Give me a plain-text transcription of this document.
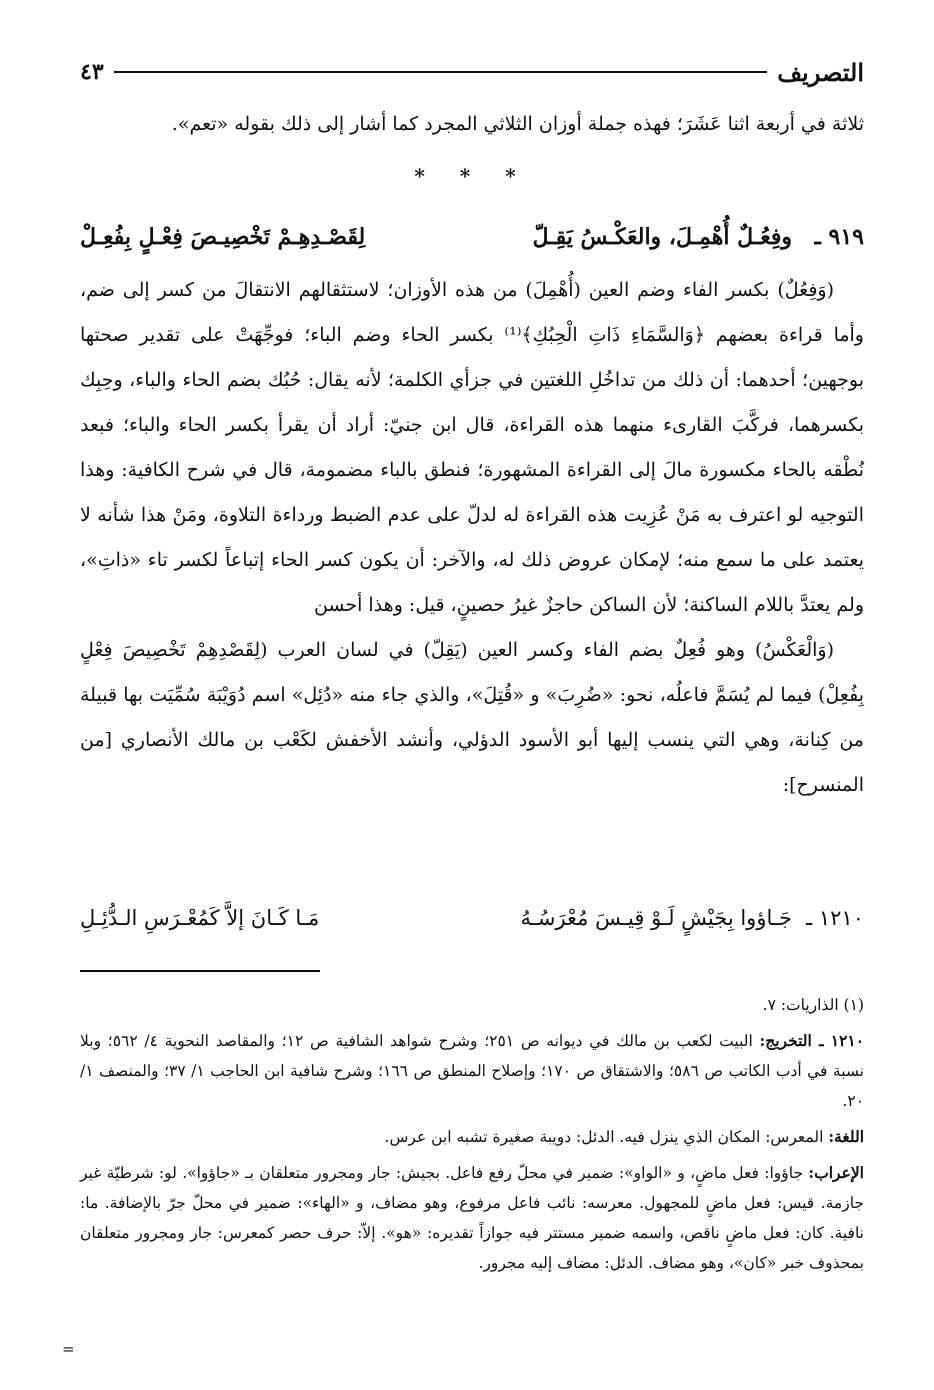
التصريف
٤٣
ثلاثة في أربعة اثنا عَشَرَ؛ فهذه جملة أوزان الثلاثي المجرد كما أشار إلى ذلك بقوله «تعم».
* * *
٩١٩ ـ
وفِعُـلٌ أُهْمِـلَ، والعَكْـسُ يَقِـلّ
لِقَصْـدِهِـمْ تَخْصِيـصَ فِعْـلٍ بِفُعِـلْ

(وَفِعُلٌ) بكسر الفاء وضم العين (أُهْمِلَ) من هذه الأوزان؛ لاستثقالهم الانتقالَ من كسر إلى ضم، وأما قراءة بعضهم ﴿وَالسَّمَاءِ ذَاتِ الْحِبُكِ﴾⁽¹⁾ بكسر الحاء وضم الباء؛ فوجِّهَتْ على تقدير صحتها بوجهين؛ أحدهما: أن ذلك من تداخُلِ اللغتين في جزأي الكلمة؛ لأنه يقال: حُبُك بضم الحاء والباء، وحِبِك بكسرهما، فركَّبَ القارىء منهما هذه القراءة، قال ابن جنيّ: أراد أن يقرأ بكسر الحاء والباء؛ فبعد نُطْقه بالحاء مكسورة مالَ إلى القراءة المشهورة؛ فنطق بالباء مضمومة، قال في شرح الكافية: وهذا التوجيه لو اعترف به مَنْ عُزِيت هذه القراءة له لدلّ على عدم الضبط ورداءة التلاوة، ومَنْ هذا شأنه لا يعتمد على ما سمع منه؛ لإمكان عروض ذلك له، والآخر: أن يكون كسر الحاء إتباعاً لكسر تاء «ذاتِ»، ولم يعتدَّ باللام الساكنة؛ لأن الساكن حاجزٌ غيرُ حصينٍ، قيل: وهذا أحسن

(وَالْعَكْسُ) وهو فُعِلٌ بضم الفاء وكسر العين (يَقِلّ) في لسان العرب (لِقَصْدِهِمْ تَخْصِيصَ فِعْلٍ بِفُعِلْ) فيما لم يُسَمَّ فاعلُه، نحو: «ضُرِبَ» و «قُتِلَ»، والذي جاء منه «دُئِل» اسم دُوَيْبَة سُمِّيَت بها قبيلة من كِنانة، وهي التي ينسب إليها أبو الأسود الدؤلي، وأنشد الأخفش لكَعْب بن مالك الأنصاري [من المنسرح]:

١٢١٠ ـ
جَـاؤوا بِجَيْشٍ لَـوْ قِيـسَ مُعْرَسُـهُ
مَـا كَـانَ إلاَّ كَمُعْـرَسِ الـدُّئِـلِ

(١) الذاريات: ٧.

١٢١٠ ـ التخريج: البيت لكعب بن مالك في ديوانه ص ٢٥١؛ وشرح شواهد الشافية ص ١٢؛ والمقاصد النحوية ٤/ ٥٦٢؛ وبلا نسبة في أدب الكاتب ص ٥٨٦؛ والاشتقاق ص ١٧٠؛ وإصلاح المنطق ص ١٦٦؛ وشرح شافية ابن الحاجب ١/ ٣٧؛ والمنصف ١/ ٢٠.

اللغة: المعرس: المكان الذي ينزل فيه. الدئل: دويبة صغيرة تشبه ابن عرس.

الإعراب: جاؤوا: فعل ماضٍ، و «الواو»: ضمير في محلّ رفع فاعل. بجيش: جار ومجرور متعلقان بـ «جاؤوا». لو: شرطيّة غير جازمة. قيس: فعل ماضٍ للمجهول. معرسه: نائب فاعل مرفوع، وهو مضاف، و «الهاء»: ضمير في محلّ جرّ بالإضافة. ما: نافية. كان: فعل ماضٍ ناقص، واسمه ضمير مستتر فيه جوازاً تقديره: «هو». إلاّ: حرف حصر كمعرس: جار ومجرور متعلقان بمحذوف خبر «كان»، وهو مضاف. الدئل: مضاف إليه مجرور.

=
